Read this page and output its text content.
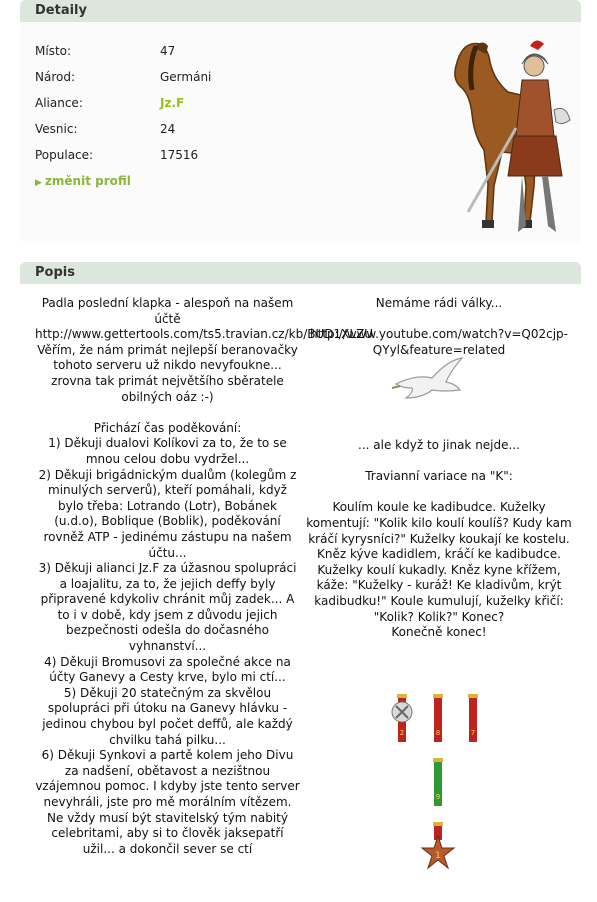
Detaily
Místo:	47
Národ:	Germáni
Aliance:	Jz.F
Vesnic:	24
Populace:	17516
▶ změnit profil
Popis
Padla poslední klapka - alespoň na našem účtě
http://www.gettertools.com/ts5.travian.cz/kb/BUD1XLZU
Věřím, že nám primát nejlepší beranovačky tohoto serveru už nikdo nevyfoukne...
zrovna tak primát největšího sběratele obilných oáz :-)

Přichází čas poděkování:
1) Děkuji dualovi Kolíkovi za to, že to se mnou celou dobu vydržel...
2) Děkuji brigádnickým dualům (kolegům z minulých serverů), kteří pomáhali, když bylo třeba: Lotrando (Lotr), Bobánek (u.d.o), Boblique (Boblik), poděkování rovněž ATP - jedinému zástupu na našem účtu...
3) Děkuji alianci Jz.F za úžasnou spolupráci a loajalitu, za to, že jejich deffy byly připravené kdykoliv chránit můj zadek... A to i v době, kdy jsem z důvodu jejich bezpečnosti odešla do dočasného vyhnanství...
4) Děkuji Bromusovi za společné akce na účty Ganevy a Cesty krve, bylo mi ctí...
5) Děkuji 20 statečným za skvělou spolupráci při útoku na Ganevy hlávku - jedinou chybou byl počet deffů, ale každý chvilku tahá pilku...
6) Děkuji Synkovi a partě kolem jeho Divu za nadšení, obětavost a nezištnou vzájemnou pomoc. I kdyby jste tento server nevyhráli, jste pro mě morálním vítězem. Ne vždy musí být stavitelský tým nabitý celebritami, aby si to člověk jaksepatří užil... a dokončil sever se ctí
Nemáme rádi války...

http://www.youtube.com/watch?v=Q02cjp-QYyl&feature=related
... ale když to jinak nejde...

Travianní variace na "K":

Koulím koule ke kadibudce. Kuželky komentují: "Kolik kilo koulí koulíš? Kudy kam kráčí kyrysníci?" Kuželky koukají ke kostelu. Kněz kýve kadidlem, kráčí ke kadibudce. Kuželky koulí kukadly. Kněz kyne křížem, káže: "Kuželky - kuráž! Ke kladivům, krýt kadibudku!" Koule kumulují, kuželky křičí: "Kolik? Kolik?" Konec?
Konečně konec!
2	8	7
9
1
